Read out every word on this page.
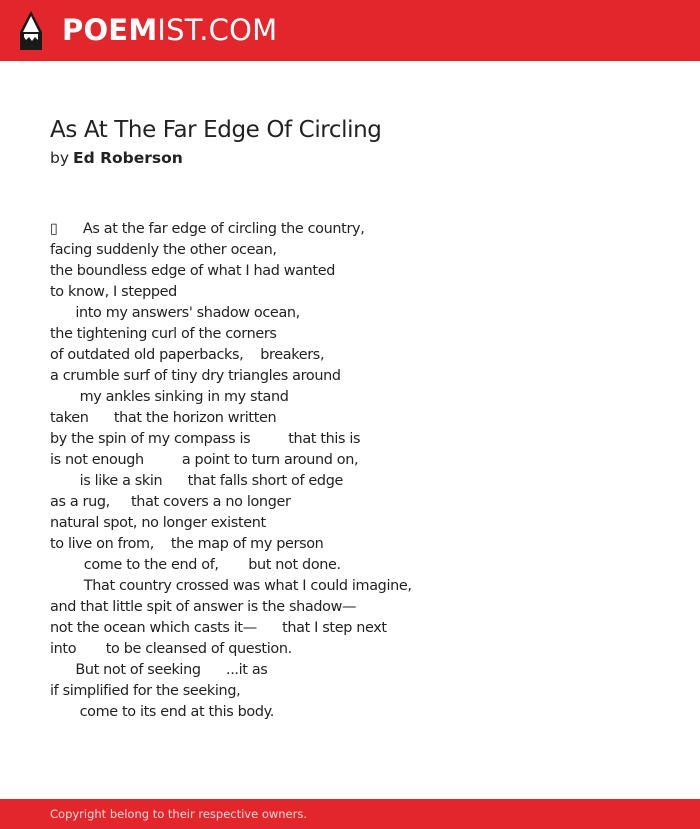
POEMIST.COM
As At The Far Edge Of Circling
by Ed Roberson
▯      As at the far edge of circling the country,
facing suddenly the other ocean,
the boundless edge of what I had wanted
to know, I stepped
into my answers' shadow ocean,
the tightening curl of the corners
of outdated old paperbacks,    breakers,
a crumble surf of tiny dry triangles around
my ankles sinking in my stand
taken      that the horizon written
by the spin of my compass is         that this is
is not enough         a point to turn around on,
is like a skin      that falls short of edge
as a rug,     that covers a no longer
natural spot, no longer existent
to live on from,    the map of my person
come to the end of,       but not done.
That country crossed was what I could imagine,
and that little spit of answer is the shadow—
not the ocean which casts it—      that I step next
into       to be cleansed of question.
But not of seeking      ...it as
if simplified for the seeking,
come to its end at this body.
Copyright belong to their respective owners.
